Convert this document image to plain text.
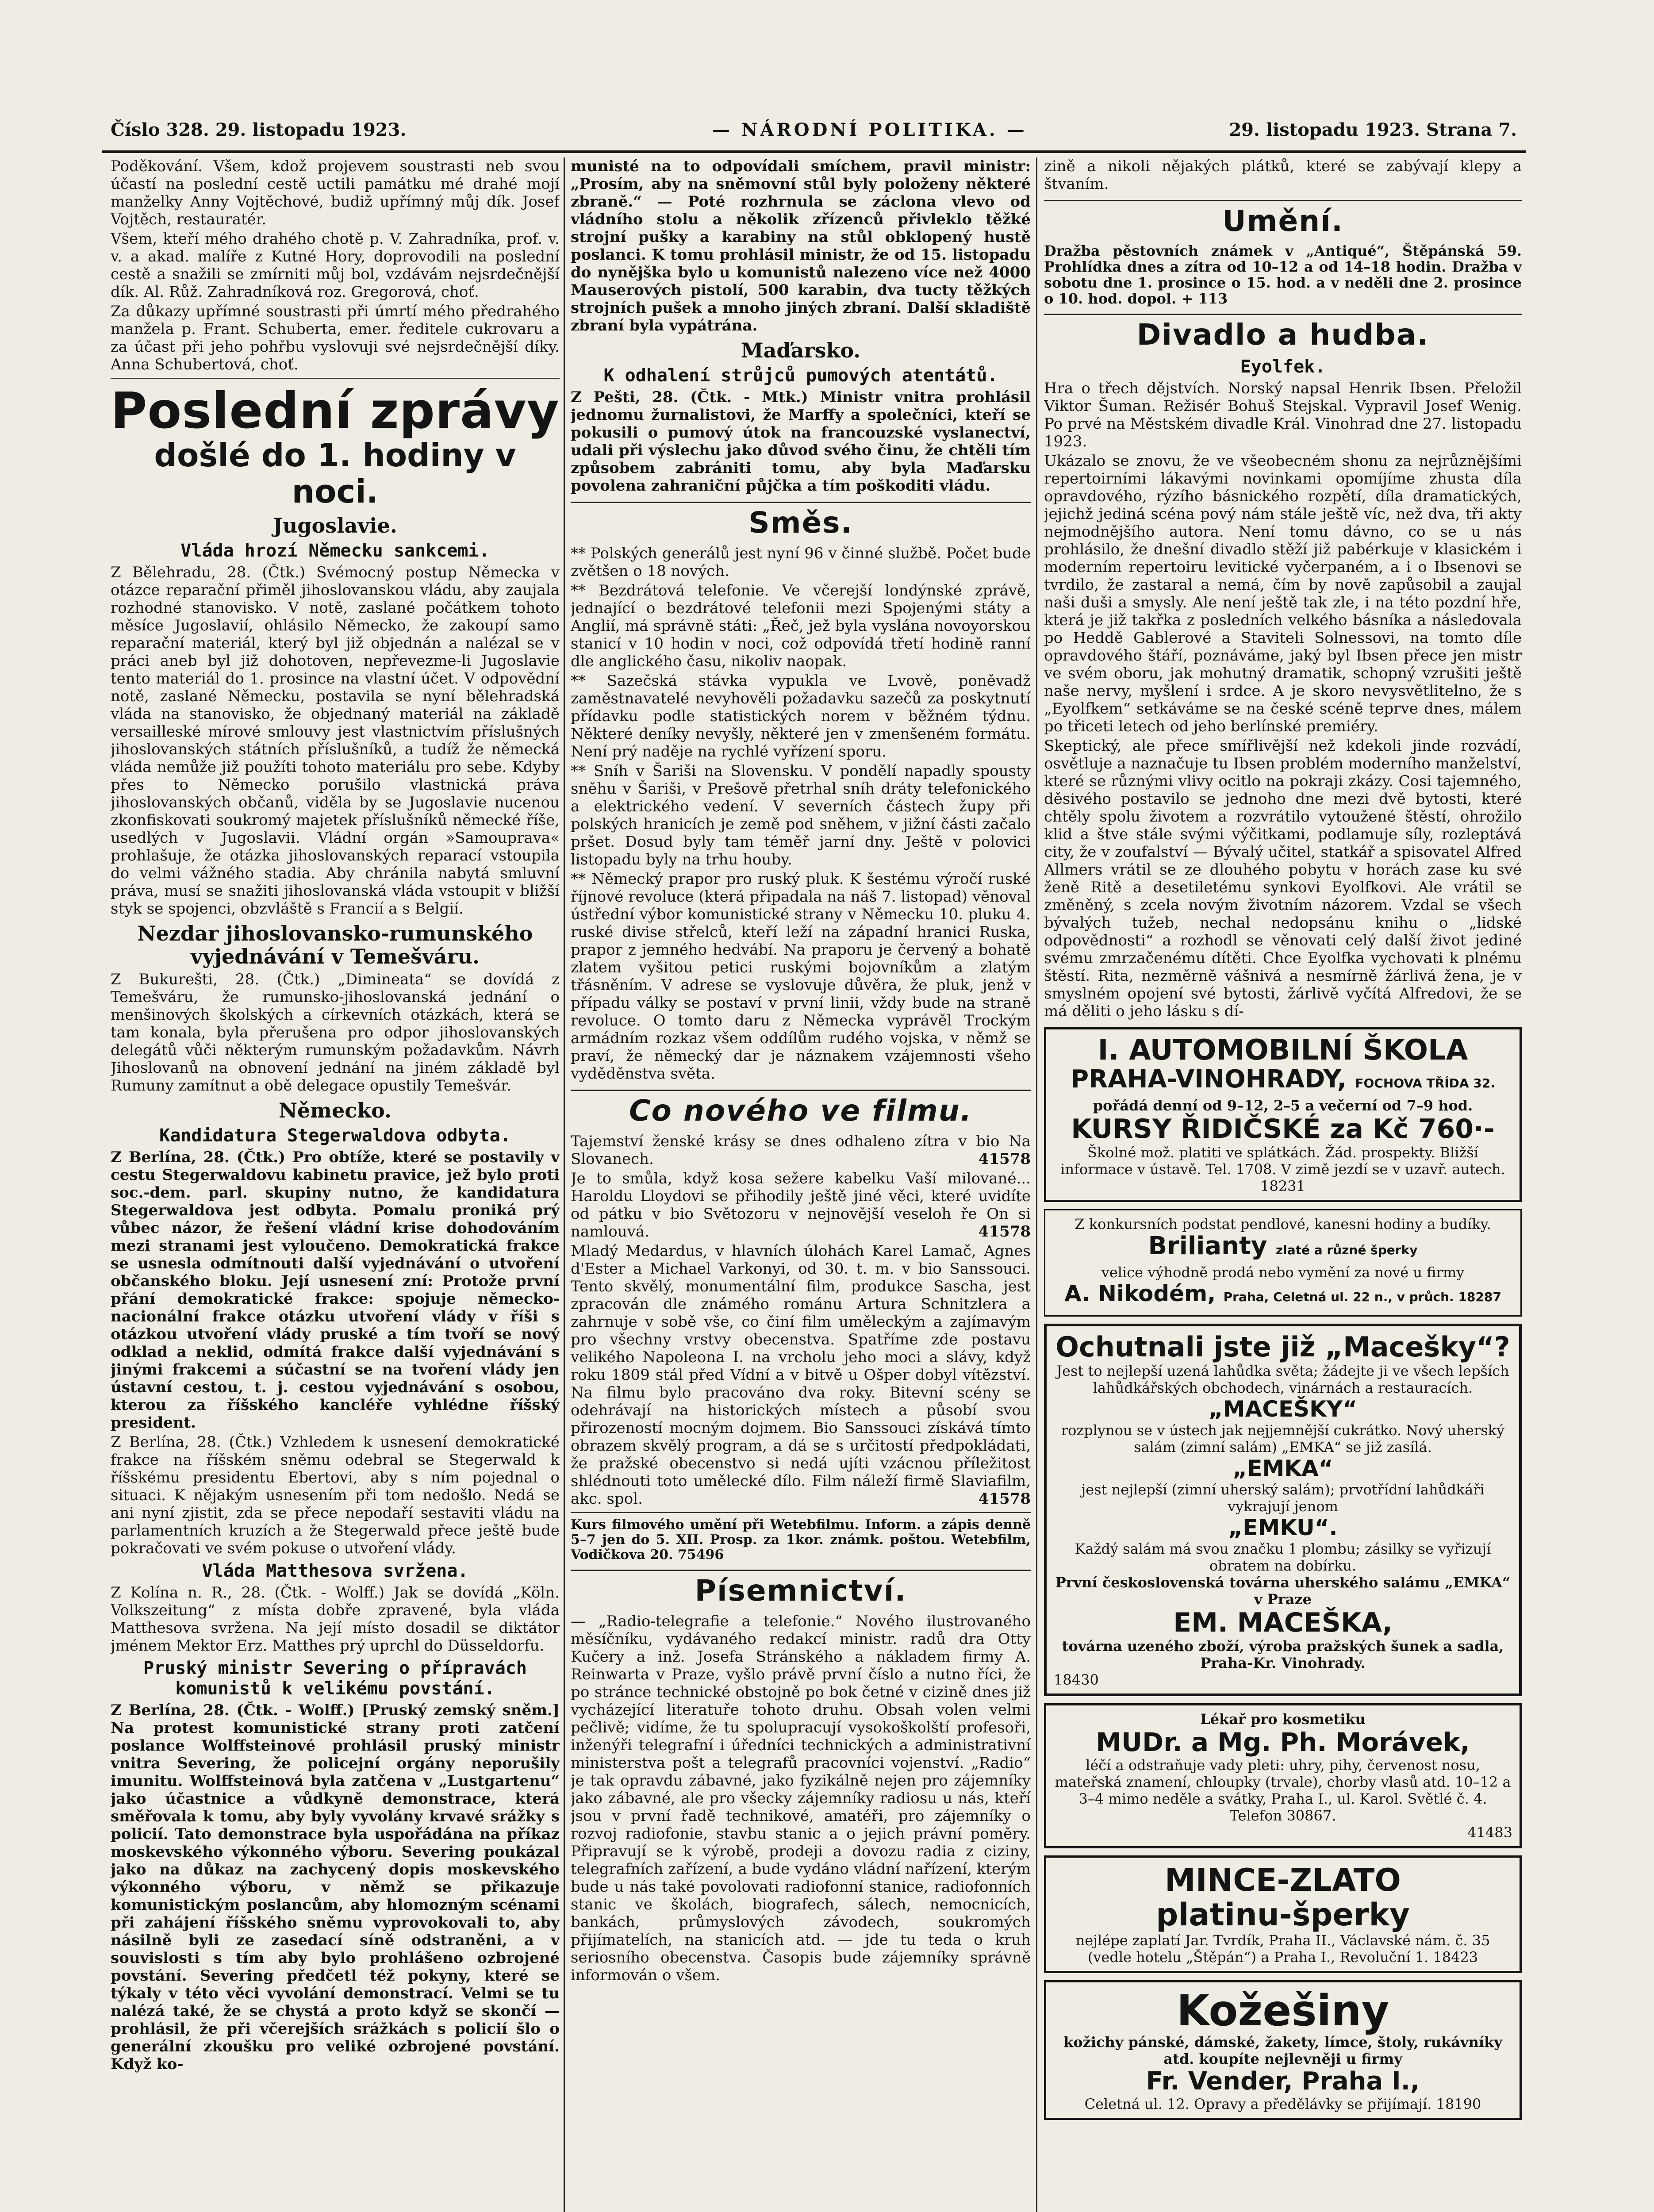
Číslo 328. 29. listopadu 1923.	— NÁRODNÍ POLITIKA. —	29. listopadu 1923. Strana 7.

Poděkování. Všem, kdož projevem soustrasti neb svou účastí na poslední cestě uctili památku mé drahé mojí manželky Anny Vojtěchové, budiž upřímný můj dík. Josef Vojtěch, restauratér.

Všem, kteří mého drahého chotě p. V. Zahradníka, prof. v. v. a akad. malíře z Kutné Hory, doprovodili na poslední cestě a snažili se zmírniti můj bol, vzdávám nejsrdečnější dík. Al. Růž. Zahradníková roz. Gregorová, choť.

Za důkazy upřímné soustrasti při úmrtí mého předrahého manžela p. Frant. Schuberta, emer. ředitele cukrovaru a za účast při jeho pohřbu vyslovuji své nejsrdečnější díky. Anna Schubertová, choť.

Poslední zprávy
došlé do 1. hodiny v noci.
Jugoslavie.
Vláda hrozí Německu sankcemi.

Z Bělehradu, 28. (Čtk.) Svémocný postup Německa v otázce reparační přiměl jihoslovanskou vládu, aby zaujala rozhodné stanovisko. V notě, zaslané počátkem tohoto měsíce Jugoslavií, ohlásilo Německo, že zakoupí samo reparační materiál, který byl již objednán a nalézal se v práci aneb byl již dohotoven, nepřevezme-li Jugoslavie tento materiál do 1. prosince na vlastní účet. V odpovědní notě, zaslané Německu, postavila se nyní bělehradská vláda na stanovisko, že objednaný materiál na základě versailleské mírové smlouvy jest vlastnictvím příslušných jihoslovanských státních příslušníků, a tudíž že německá vláda nemůže již použíti tohoto materiálu pro sebe. Kdyby přes to Německo porušilo vlastnická práva jihoslovanských občanů, viděla by se Jugoslavie nucenou zkonfiskovati soukromý majetek příslušníků německé říše, usedlých v Jugoslavii. Vládní orgán »Samouprava« prohlašuje, že otázka jihoslovanských reparací vstoupila do velmi vážného stadia. Aby chránila nabytá smluvní práva, musí se snažiti jihoslovanská vláda vstoupit v bližší styk se spojenci, obzvláště s Francií a s Belgií.

Nezdar jihoslovansko-rumunského vyjednávání v Temešváru.

Z Bukurešti, 28. (Čtk.) „Dimineata“ se dovídá z Temešváru, že rumunsko-jihoslovanská jednání o menšinových školských a církevních otázkách, která se tam konala, byla přerušena pro odpor jihoslovanských delegátů vůči některým rumunským požadavkům. Návrh Jihoslovanů na obnovení jednání na jiném základě byl Rumuny zamítnut a obě delegace opustily Temešvár.

Německo.
Kandidatura Stegerwaldova odbyta.

Z Berlína, 28. (Čtk.) Pro obtíže, které se postavily v cestu Stegerwaldovu kabinetu pravice, jež bylo proti soc.-dem. parl. skupiny nutno, že kandidatura Stegerwaldova jest odbyta. Pomalu proniká prý vůbec názor, že řešení vládní krise dohodováním mezi stranami jest vyloučeno. Demokratická frakce se usnesla odmítnouti další vyjednávání o utvoření občanského bloku. Její usnesení zní: Protože první přání demokratické frakce: spojuje německo-nacionální frakce otázku utvoření vlády v říši s otázkou utvoření vlády pruské a tím tvoří se nový odklad a neklid, odmítá frakce další vyjednávání s jinými frakcemi a súčastní se na tvoření vlády jen ústavní cestou, t. j. cestou vyjednávání s osobou, kterou za říšského kancléře vyhlédne říšský president.

Z Berlína, 28. (Čtk.) Vzhledem k usnesení demokratické frakce na říšském sněmu odebral se Stegerwald k říšskému presidentu Ebertovi, aby s ním pojednal o situaci. K nějakým usnesením při tom nedošlo. Nedá se ani nyní zjistit, zda se přece nepodaří sestaviti vládu na parlamentních kruzích a že Stegerwald přece ještě bude pokračovati ve svém pokuse o utvoření vlády.

Vláda Matthesova svržena.

Z Kolína n. R., 28. (Čtk. - Wolff.) Jak se dovídá „Köln. Volkszeitung“ z místa dobře zpravené, byla vláda Matthesova svržena. Na její místo dosadil se diktátor jménem Mektor Erz. Matthes prý uprchl do Düsseldorfu.

Pruský ministr Severing o přípravách komunistů k velikému povstání.

Z Berlína, 28. (Čtk. - Wolff.) [Pruský zemský sněm.] Na protest komunistické strany proti zatčení poslance Wolffsteinové prohlásil pruský ministr vnitra Severing, že policejní orgány neporušily imunitu. Wolffsteinová byla zatčena v „Lustgartenu“ jako účastnice a vůdkyně demonstrace, která směřovala k tomu, aby byly vyvolány krvavé srážky s policií. Tato demonstrace byla uspořádána na příkaz moskevského výkonného výboru. Severing poukázal jako na důkaz na zachycený dopis moskevského výkonného výboru, v němž se přikazuje komunistickým poslancům, aby hlomozným scénami při zahájení říšského sněmu vyprovokovali to, aby násilně byli ze zasedací síně odstraněni, a v souvislosti s tím aby bylo prohlášeno ozbrojené povstání. Severing předčetl též pokyny, které se týkaly v této věci vyvolání demonstrací. Velmi se tu nalézá také, že se chystá a proto když se skončí — prohlásil, že při včerejších srážkách s policií šlo o generální zkoušku pro veliké ozbrojené povstání. Když ko-

munisté na to odpovídali smíchem, pravil ministr: „Prosím, aby na sněmovní stůl byly položeny některé zbraně.“ — Poté rozhrnula se záclona vlevo od vládního stolu a několik zřízenců přivleklo těžké strojní pušky a karabiny na stůl obklopený hustě poslanci. K tomu prohlásil ministr, že od 15. listopadu do nynějška bylo u komunistů nalezeno více než 4000 Mauserových pistolí, 500 karabin, dva tucty těžkých strojních pušek a mnoho jiných zbraní. Další skladiště zbraní byla vypátrána.

Maďarsko.
K odhalení strůjců pumových atentátů.

Z Pešti, 28. (Čtk. - Mtk.) Ministr vnitra prohlásil jednomu žurnalistovi, že Marffy a společníci, kteří se pokusili o pumový útok na francouzské vyslanectví, udali při výslechu jako důvod svého činu, že chtěli tím způsobem zabrániti tomu, aby byla Maďarsku povolena zahraniční půjčka a tím poškoditi vládu.

Směs.

** Polských generálů jest nyní 96 v činné službě. Počet bude zvětšen o 18 nových.

** Bezdrátová telefonie. Ve včerejší londýnské zprávě, jednající o bezdrátové telefonii mezi Spojenými státy a Anglií, má správně státi: „Řeč, jež byla vyslána novoyorskou stanicí v 10 hodin v noci, což odpovídá třetí hodině ranní dle anglického času, nikoliv naopak.

** Sazečská stávka vypukla ve Lvově, poněvadž zaměstnavatelé nevyhověli požadavku sazečů za poskytnutí přídavku podle statistických norem v běžném týdnu. Některé deníky nevyšly, některé jen v zmenšeném formátu. Není prý naděje na rychlé vyřízení sporu.

** Sníh v Šariši na Slovensku. V pondělí napadly spousty sněhu v Šariši, v Prešově přetrhal sníh dráty telefonického a elektrického vedení. V severních částech župy při polských hranicích je země pod sněhem, v jižní části začalo pršet. Dosud byly tam téměř jarní dny. Ještě v polovici listopadu byly na trhu houby.

** Německý prapor pro ruský pluk. K šestému výročí ruské říjnové revoluce (která připadala na náš 7. listopad) věnoval ústřední výbor komunistické strany v Německu 10. pluku 4. ruské divise střelců, kteří leží na západní hranici Ruska, prapor z jemného hedvábí. Na praporu je červený a bohatě zlatem vyšitou petici ruskými bojovníkům a zlatým třásněním. V adrese se vyslovuje důvěra, že pluk, jenž v případu války se postaví v první linii, vždy bude na straně revoluce. O tomto daru z Německa vyprávěl Trockým armádním rozkaz všem oddílům rudého vojska, v němž se praví, že německý dar je náznakem vzájemnosti všeho vyděděnstva světa.

Co nového ve filmu.

Tajemství ženské krásy se dnes odhaleno zítra v bio Na Slovanech.	41578

Je to smůla, když kosa sežere kabelku Vaší milované... Haroldu Lloydovi se přihodily ještě jiné věci, které uvidíte od pátku v bio Světozoru v nejnovější veseloh ře On si namlouvá.	41578

Mladý Medardus, v hlavních úlohách Karel Lamač, Agnes d'Ester a Michael Varkonyi, od 30. t. m. v bio Sanssouci. Tento skvělý, monumentální film, produkce Sascha, jest zpracován dle známého románu Artura Schnitzlera a zahrnuje v sobě vše, co činí film uměleckým a zajímavým pro všechny vrstvy obecenstva. Spatříme zde postavu velikého Napoleona I. na vrcholu jeho moci a slávy, když roku 1809 stál před Vídní a v bitvě u Ošper dobyl vítězství. Na filmu bylo pracováno dva roky. Bitevní scény se odehrávají na historických místech a působí svou přirozeností mocným dojmem. Bio Sanssouci získává tímto obrazem skvělý program, a dá se s určitostí předpokládati, že pražské obecenstvo si nedá ujíti vzácnou příležitost shlédnouti toto umělecké dílo. Film náleží firmě Slaviafilm, akc. spol.	41578

Kurs filmového umění při Wetebfilmu. Inform. a zápis denně 5–7 jen do 5. XII. Prosp. za 1kor. známk. poštou. Wetebfilm, Vodičkova 20. 75496

Písemnictví.

— „Radio-telegrafie a telefonie.“ Nového ilustrovaného měsíčníku, vydávaného redakcí ministr. radů dra Otty Kučery a inž. Josefa Stránského a nákladem firmy A. Reinwarta v Praze, vyšlo právě první číslo a nutno říci, že po stránce technické obstojně po bok četné v cizině dnes již vycházející literatuře tohoto druhu. Obsah volen velmi pečlivě; vidíme, že tu spolupracují vysokoškolští profesoři, inženýři telegrafní i úředníci technických a administrativní ministerstva pošt a telegrafů pracovníci vojenství. „Radio“ je tak opravdu zábavné, jako fyzikálně nejen pro zájemníky jako zábavné, ale pro všecky zájemníky radiosu u nás, kteří jsou v první řadě technikové, amatéři, pro zájemníky o rozvoj radiofonie, stavbu stanic a o jejich právní poměry. Připravují se k výrobě, prodeji a dovozu radia z ciziny, telegrafních zařízení, a bude vydáno vládní nařízení, kterým bude u nás také povolovati radiofonní stanice, radiofonních stanic ve školách, biografech, sálech, nemocnicích, bankách, průmyslových závodech, soukromých přijímatelích, na stanicích atd. — jde tu teda o kruh seriosního obecenstva. Časopis bude zájemníky správně informován o všem.

zině a nikoli nějakých plátků, které se zabývají klepy a štvaním.

Umění.

Dražba pěstovních známek v „Antiqué“, Štěpánská 59. Prohlídka dnes a zítra od 10–12 a od 14–18 hodin. Dražba v sobotu dne 1. prosince o 15. hod. a v neděli dne 2. prosince o 10. hod. dopol. + 113

Divadlo a hudba.
Eyolfek.

Hra o třech dějstvích. Norský napsal Henrik Ibsen. Přeložil Viktor Šuman. Režisér Bohuš Stejskal. Vypravil Josef Wenig. Po prvé na Městském divadle Král. Vinohrad dne 27. listopadu 1923.

Ukázalo se znovu, že ve všeobecném shonu za nejrůznějšími repertoirními lákavými novinkami opomíjíme zhusta díla opravdového, rýzího básnického rozpětí, díla dramatických, jejichž jediná scéna pový nám stále ještě víc, než dva, tři akty nejmodnějšího autora. Není tomu dávno, co se u nás prohlásilo, že dnešní divadlo stěží již pabérkuje v klasickém i moderním repertoiru levitické vyčerpaném, a i o Ibsenovi se tvrdilo, že zastaral a nemá, čím by nově zapůsobil a zaujal naši duši a smysly. Ale není ještě tak zle, i na této pozdní hře, která je již takřka z posledních velkého básníka a následovala po Heddě Gablerové a Staviteli Solnessovi, na tomto díle opravdového štáří, poznáváme, jaký byl Ibsen přece jen mistr ve svém oboru, jak mohutný dramatik, schopný vzrušiti ještě naše nervy, myšlení i srdce. A je skoro nevysvětlitelno, že s „Eyolfkem“ setkáváme se na české scéně teprve dnes, málem po třiceti letech od jeho berlínské premiéry.

Skeptický, ale přece smířlivější než kdekoli jinde rozvádí, osvětluje a naznačuje tu Ibsen problém moderního manželství, které se různými vlivy ocitlo na pokraji zkázy. Cosi tajemného, děsivého postavilo se jednoho dne mezi dvě bytosti, které chtěly spolu životem a rozvrátilo vytoužené štěstí, ohrožilo klid a štve stále svými výčitkami, podlamuje síly, rozleptává city, že v zoufalství — Bývalý učitel, statkář a spisovatel Alfred Allmers vrátil se ze dlouhého pobytu v horách zase ku své ženě Ritě a desetiletému synkovi Eyolfkovi. Ale vrátil se změněný, s zcela novým životním názorem. Vzdal se všech bývalých tužeb, nechal nedopsánu knihu o „lidské odpovědnosti“ a rozhodl se věnovati celý další život jediné svému zmrzačenému dítěti. Chce Eyolfka vychovati k plnému štěstí. Rita, nezměrně vášnivá a nesmírně žárlivá žena, je v smyslném opojení své bytosti, žárlivě vyčítá Alfredovi, že se má děliti o jeho lásku s dí-

I. AUTOMOBILNÍ ŠKOLA
PRAHA-VINOHRADY, FOCHOVA TŘÍDA 32.
pořádá denní od 9–12, 2–5 a večerní od 7–9 hod.
KURSY ŘIDIČSKÉ za Kč 760·-
Školné mož. platiti ve splátkách. Žád. prospekty. Bližší informace v ústavě. Tel. 1708. V zimě jezdí se v uzavř. autech. 18231
Z konkursních podstat pendlové, kanesni hodiny a budíky.
Brilianty zlaté a různé šperky
velice výhodně prodá nebo vymění za nové u firmy
A. Nikodém, Praha, Celetná ul. 22 n., v průch. 18287
Ochutnali jste již „Macešky“?
Jest to nejlepší uzená lahůdka světa; žádejte ji ve všech lepších lahůdkářských obchodech, vinárnách a restauracích.
„MACEŠKY“
rozplynou se v ústech jak nejjemnější cukrátko. Nový uherský salám (zimní salám) „EMKA“ se již zasílá.
„EMKA“
jest nejlepší (zimní uherský salám); prvotřídní lahůdkáři vykrajují jenom
„EMKU“.
Každý salám má svou značku 1 plombu; zásilky se vyřizují obratem na dobírku.
První československá továrna uherského salámu „EMKA“ v Praze
EM. MACEŠKA,
továrna uzeného zboží, výroba pražských šunek a sadla, Praha-Kr. Vinohrady.
18430
Lékař pro kosmetiku
MUDr. a Mg. Ph. Morávek,
léčí a odstraňuje vady pleti: uhry, pihy, červenost nosu, mateřská znamení, chloupky (trvale), chorby vlasů atd. 10–12 a 3–4 mimo neděle a svátky, Praha I., ul. Karol. Světlé č. 4. Telefon 30867.
41483
MINCE-ZLATO
platinu-šperky
nejlépe zaplatí Jar. Tvrdík, Praha II., Václavské nám. č. 35 (vedle hotelu „Štěpán“) a Praha I., Revoluční 1. 18423
Kožešiny
kožichy pánské, dámské, žakety, límce, štoly, rukávníky atd. koupíte nejlevněji u firmy
Fr. Vender, Praha I.,
Celetná ul. 12. Opravy a předělávky se přijímají. 18190
